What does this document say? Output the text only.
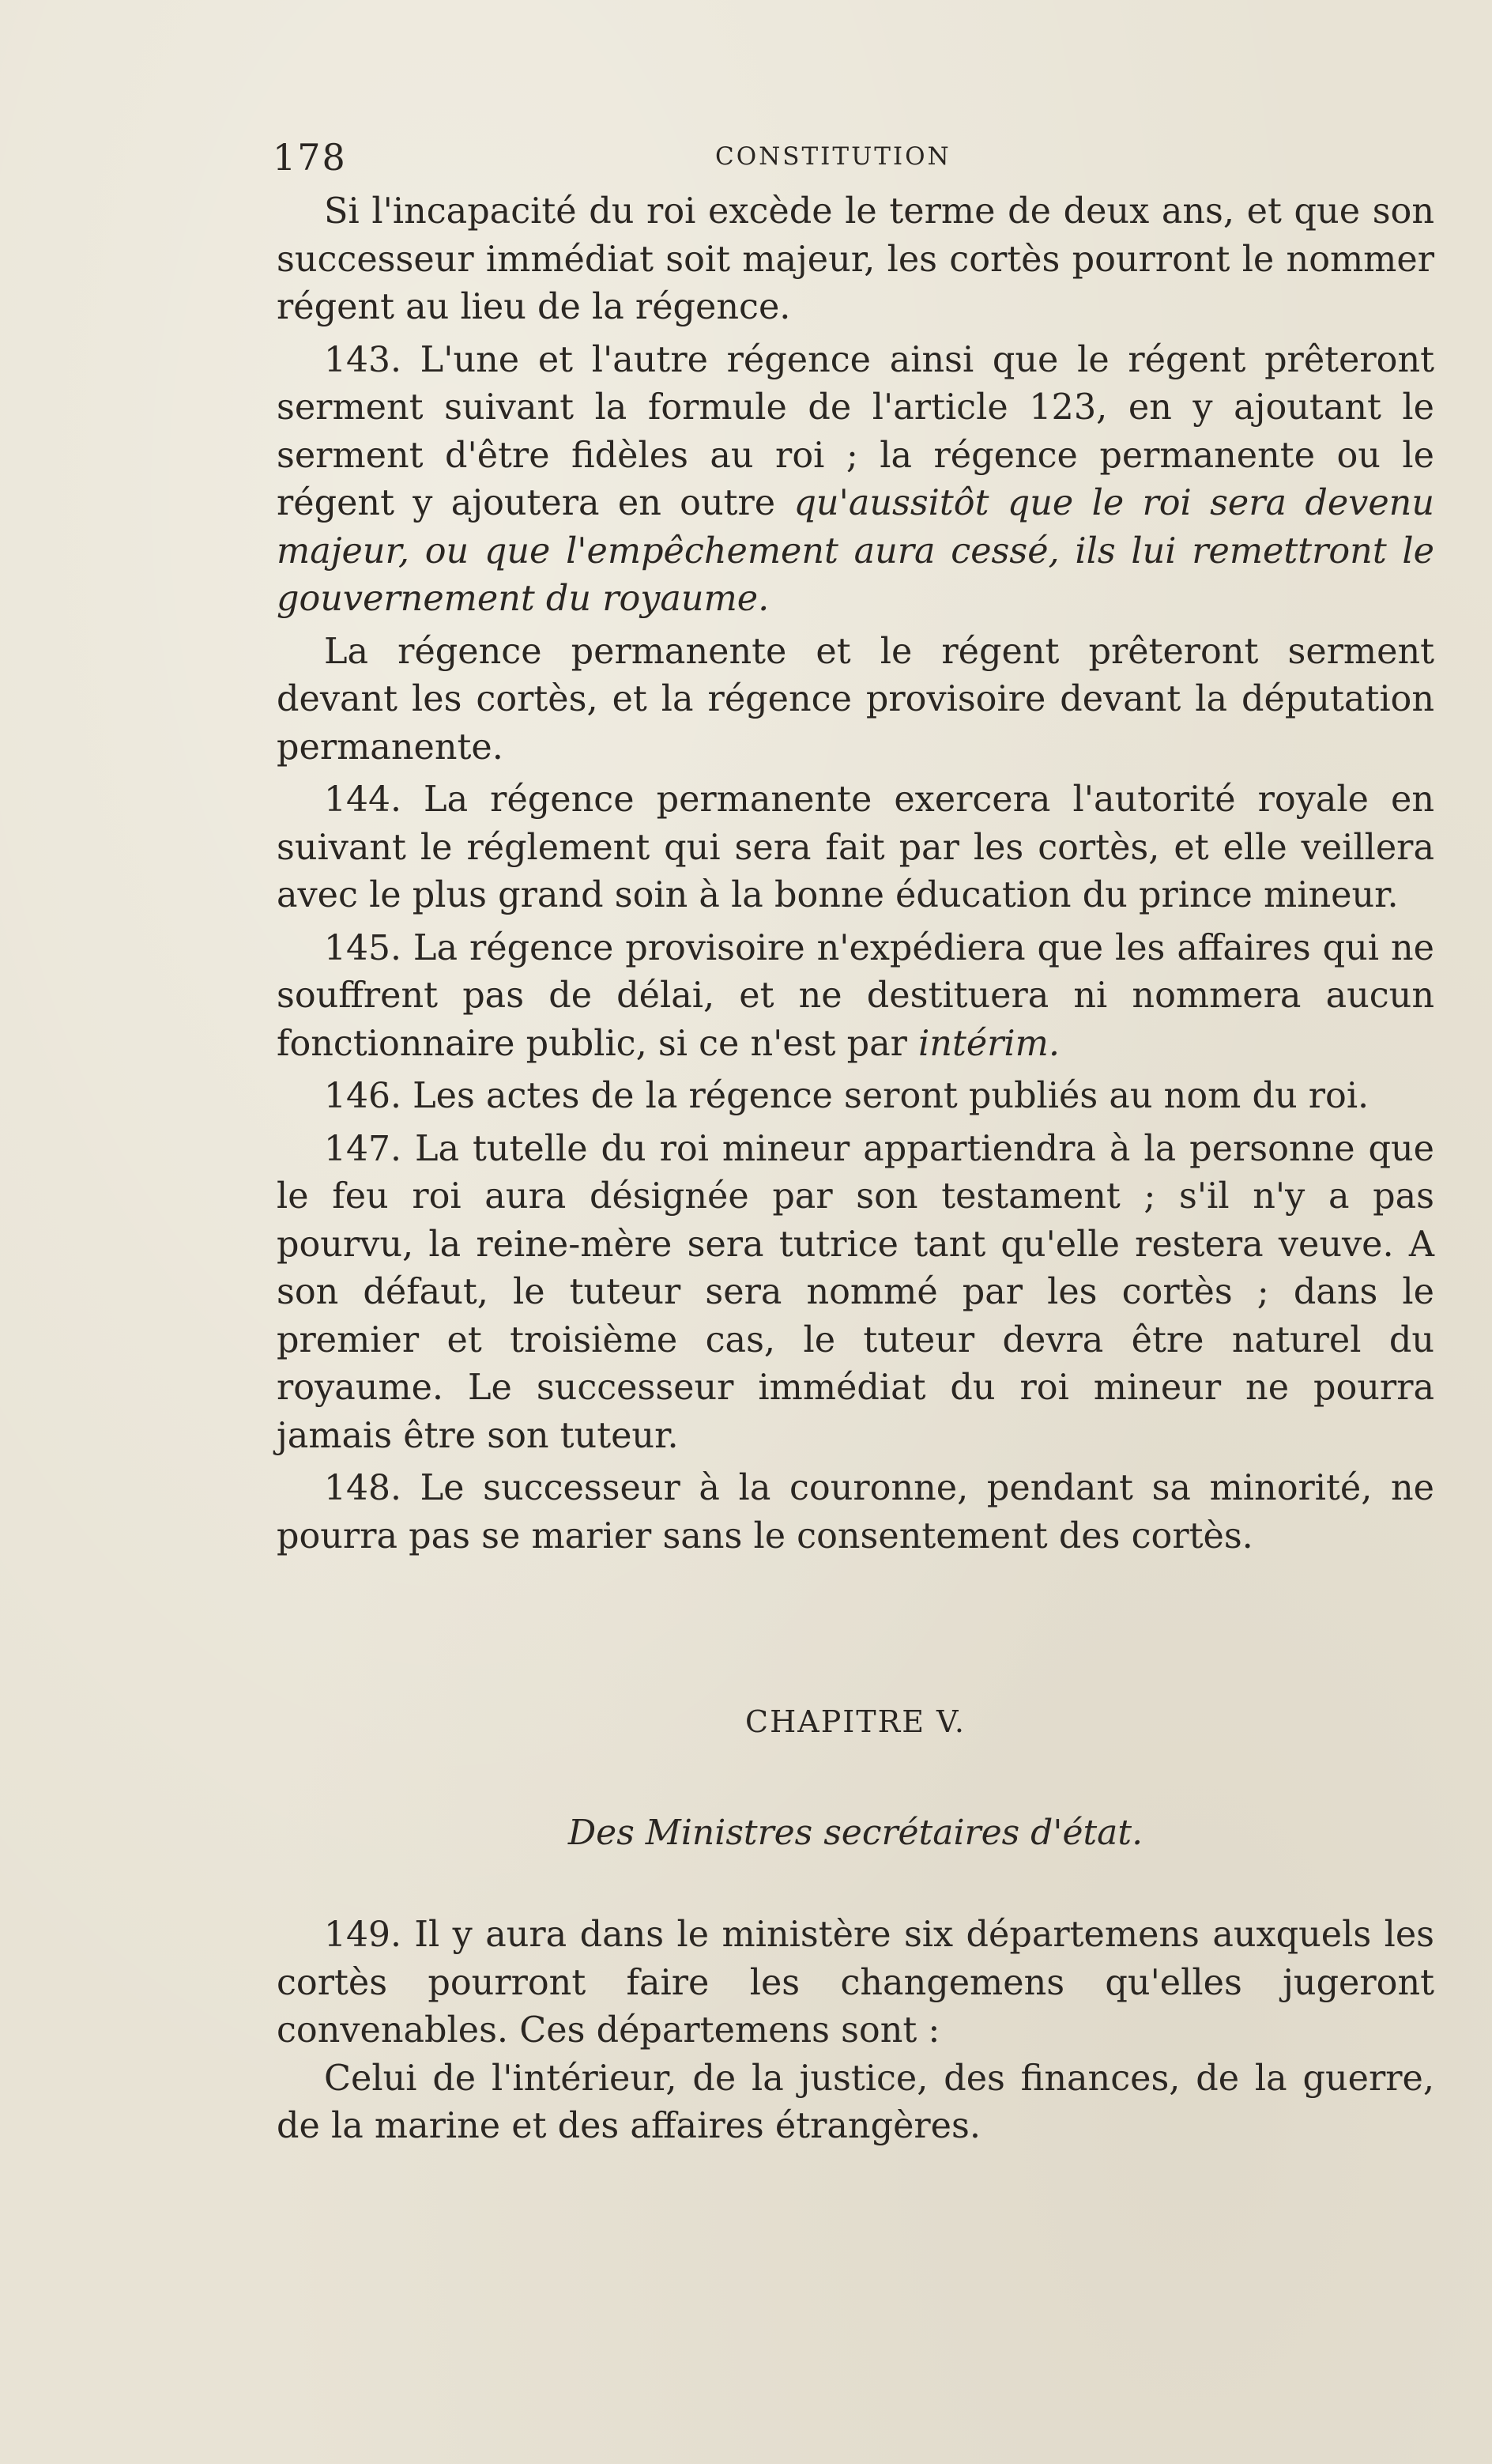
178	CONSTITUTION

Si l'incapacité du roi excède le terme de deux ans, et que son successeur immédiat soit majeur, les cortès pourront le nommer régent au lieu de la régence.

143. L'une et l'autre régence ainsi que le régent prêteront serment suivant la formule de l'article 123, en y ajoutant le serment d'être fidèles au roi ; la régence permanente ou le régent y ajoutera en outre qu'aussitôt que le roi sera devenu majeur, ou que l'empêchement aura cessé, ils lui remettront le gouvernement du royaume.

La régence permanente et le régent prêteront serment devant les cortès, et la régence provisoire devant la députation permanente.

144. La régence permanente exercera l'autorité royale en suivant le réglement qui sera fait par les cortès, et elle veillera avec le plus grand soin à la bonne éducation du prince mineur.

145. La régence provisoire n'expédiera que les affaires qui ne souffrent pas de délai, et ne destituera ni nommera aucun fonctionnaire public, si ce n'est par intérim.

146. Les actes de la régence seront publiés au nom du roi.

147. La tutelle du roi mineur appartiendra à la personne que le feu roi aura désignée par son testament ; s'il n'y a pas pourvu, la reine-mère sera tutrice tant qu'elle restera veuve. A son défaut, le tuteur sera nommé par les cortès ; dans le premier et troisième cas, le tuteur devra être naturel du royaume. Le successeur immédiat du roi mineur ne pourra jamais être son tuteur.

148. Le successeur à la couronne, pendant sa minorité, ne pourra pas se marier sans le consentement des cortès.

CHAPITRE V.
Des Ministres secrétaires d'état.

149. Il y aura dans le ministère six départemens auxquels les cortès pourront faire les changemens qu'elles jugeront convenables. Ces départemens sont :

Celui de l'intérieur, de la justice, des finances, de la guerre, de la marine et des affaires étrangères.
